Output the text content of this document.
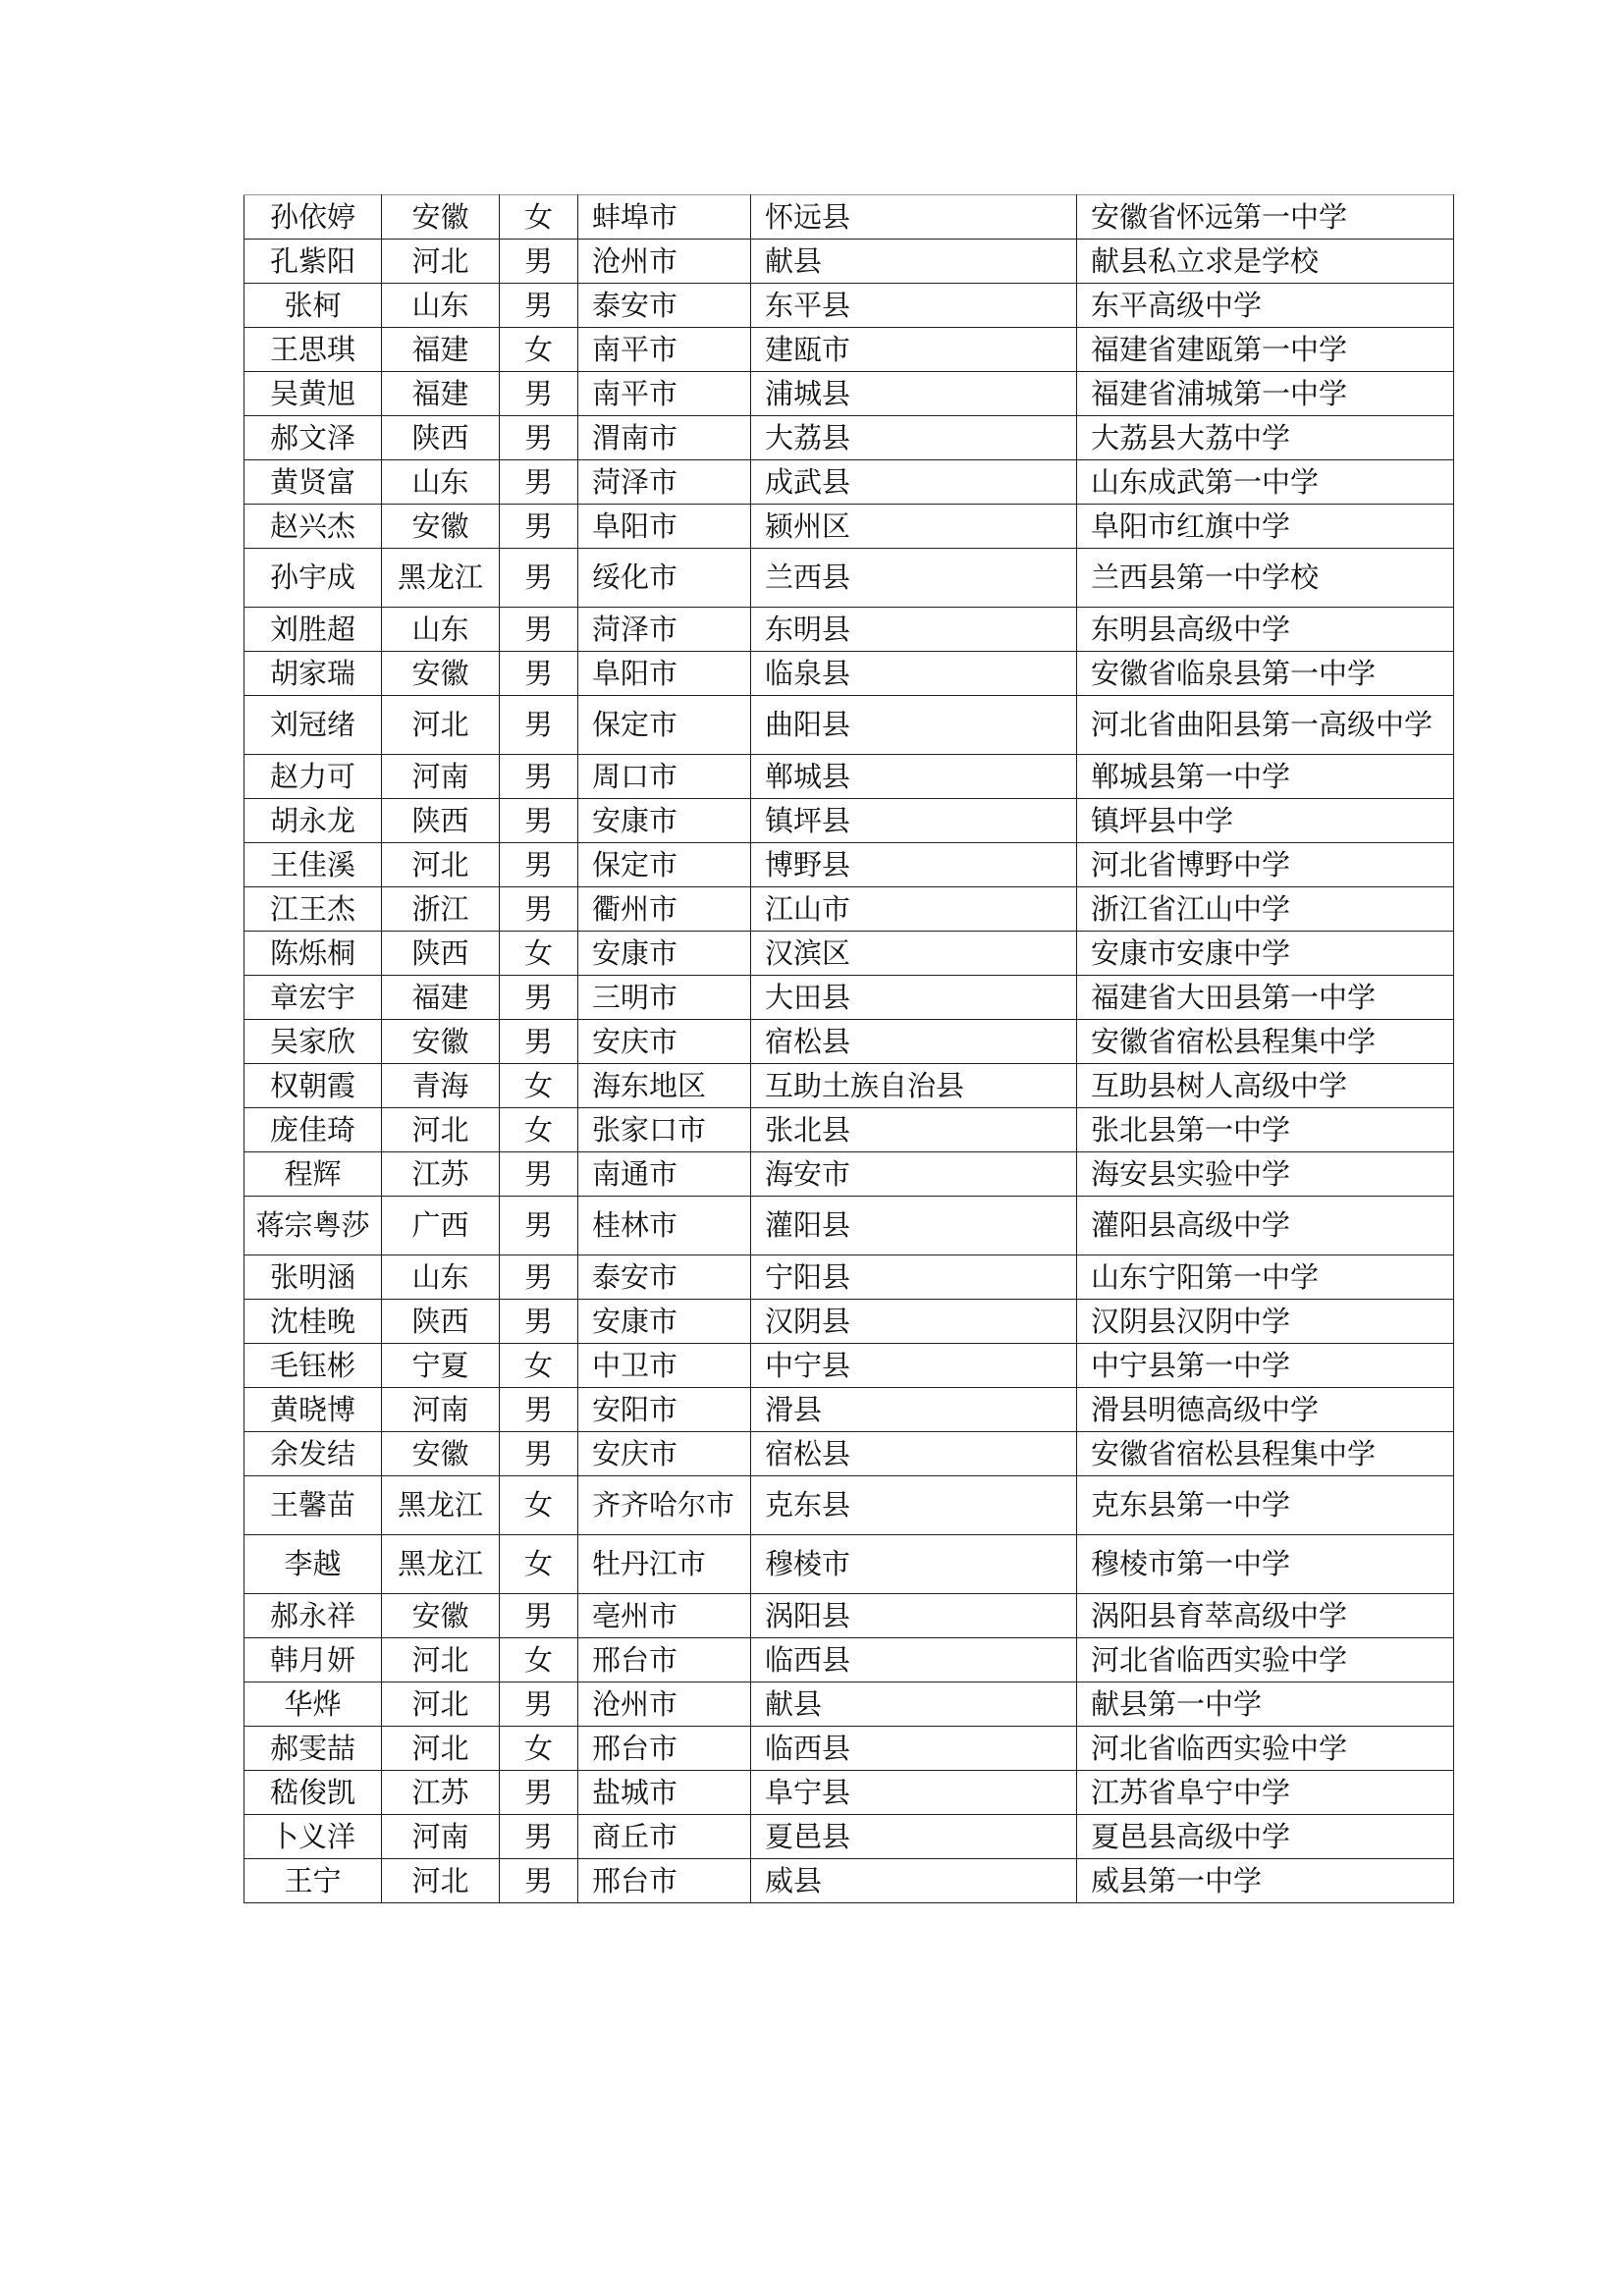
孙依婷	安徽	女	蚌埠市	怀远县	安徽省怀远第一中学
孔紫阳	河北	男	沧州市	献县	献县私立求是学校
张柯	山东	男	泰安市	东平县	东平高级中学
王思琪	福建	女	南平市	建瓯市	福建省建瓯第一中学
吴黄旭	福建	男	南平市	浦城县	福建省浦城第一中学
郝文泽	陕西	男	渭南市	大荔县	大荔县大荔中学
黄贤富	山东	男	菏泽市	成武县	山东成武第一中学
赵兴杰	安徽	男	阜阳市	颍州区	阜阳市红旗中学
孙宇成	黑龙江	男	绥化市	兰西县	兰西县第一中学校
刘胜超	山东	男	菏泽市	东明县	东明县高级中学
胡家瑞	安徽	男	阜阳市	临泉县	安徽省临泉县第一中学
刘冠绪	河北	男	保定市	曲阳县	河北省曲阳县第一高级中学
赵力可	河南	男	周口市	郸城县	郸城县第一中学
胡永龙	陕西	男	安康市	镇坪县	镇坪县中学
王佳溪	河北	男	保定市	博野县	河北省博野中学
江王杰	浙江	男	衢州市	江山市	浙江省江山中学
陈烁桐	陕西	女	安康市	汉滨区	安康市安康中学
章宏宇	福建	男	三明市	大田县	福建省大田县第一中学
吴家欣	安徽	男	安庆市	宿松县	安徽省宿松县程集中学
权朝霞	青海	女	海东地区	互助土族自治县	互助县树人高级中学
庞佳琦	河北	女	张家口市	张北县	张北县第一中学
程辉	江苏	男	南通市	海安市	海安县实验中学
蒋宗粤莎	广西	男	桂林市	灌阳县	灌阳县高级中学
张明涵	山东	男	泰安市	宁阳县	山东宁阳第一中学
沈桂晚	陕西	男	安康市	汉阴县	汉阴县汉阴中学
毛钰彬	宁夏	女	中卫市	中宁县	中宁县第一中学
黄晓博	河南	男	安阳市	滑县	滑县明德高级中学
余发结	安徽	男	安庆市	宿松县	安徽省宿松县程集中学
王馨苗	黑龙江	女	齐齐哈尔市	克东县	克东县第一中学
李越	黑龙江	女	牡丹江市	穆棱市	穆棱市第一中学
郝永祥	安徽	男	亳州市	涡阳县	涡阳县育萃高级中学
韩月妍	河北	女	邢台市	临西县	河北省临西实验中学
华烨	河北	男	沧州市	献县	献县第一中学
郝雯喆	河北	女	邢台市	临西县	河北省临西实验中学
嵇俊凯	江苏	男	盐城市	阜宁县	江苏省阜宁中学
卜义洋	河南	男	商丘市	夏邑县	夏邑县高级中学
王宁	河北	男	邢台市	威县	威县第一中学
